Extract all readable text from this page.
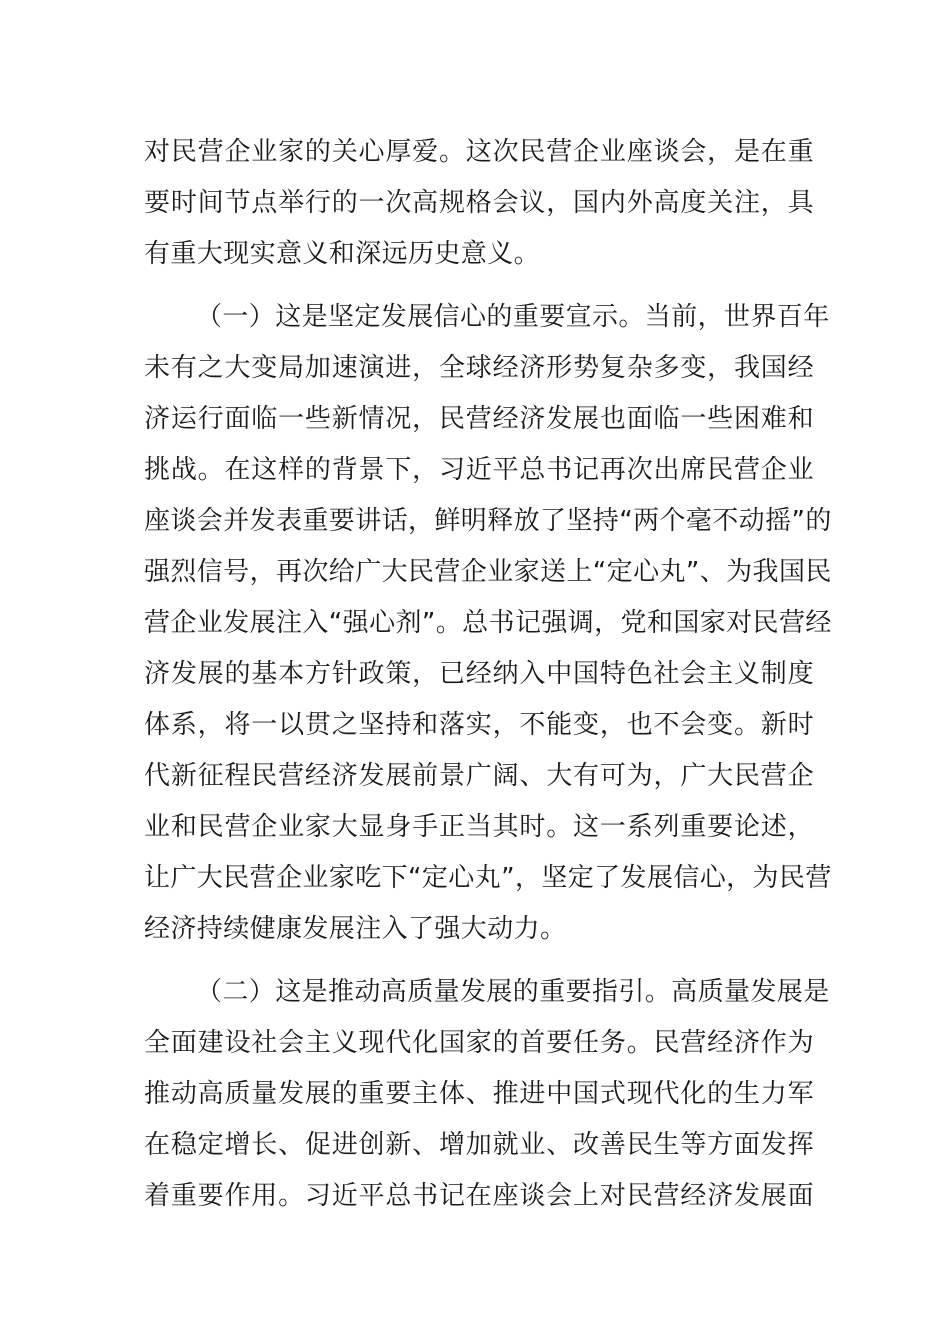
对民营企业家的关心厚爱。这次民营企业座谈会，是在重
要时间节点举行的一次高规格会议，国内外高度关注，具
有重大现实意义和深远历史意义。

（一）这是坚定发展信心的重要宣示。当前，世界百年
未有之大变局加速演进，全球经济形势复杂多变，我国经
济运行面临一些新情况，民营经济发展也面临一些困难和
挑战。在这样的背景下，习近平总书记再次出席民营企业
座谈会并发表重要讲话，鲜明释放了坚持“两个毫不动摇”的
强烈信号，再次给广大民营企业家送上“定心丸”、为我国民
营企业发展注入“强心剂”。总书记强调，党和国家对民营经
济发展的基本方针政策，已经纳入中国特色社会主义制度
体系，将一以贯之坚持和落实，不能变，也不会变。新时
代新征程民营经济发展前景广阔、大有可为，广大民营企
业和民营企业家大显身手正当其时。这一系列重要论述，
让广大民营企业家吃下“定心丸”，坚定了发展信心，为民营
经济持续健康发展注入了强大动力。

（二）这是推动高质量发展的重要指引。高质量发展是
全面建设社会主义现代化国家的首要任务。民营经济作为
推动高质量发展的重要主体、推进中国式现代化的生力军
在稳定增长、促进创新、增加就业、改善民生等方面发挥
着重要作用。习近平总书记在座谈会上对民营经济发展面
